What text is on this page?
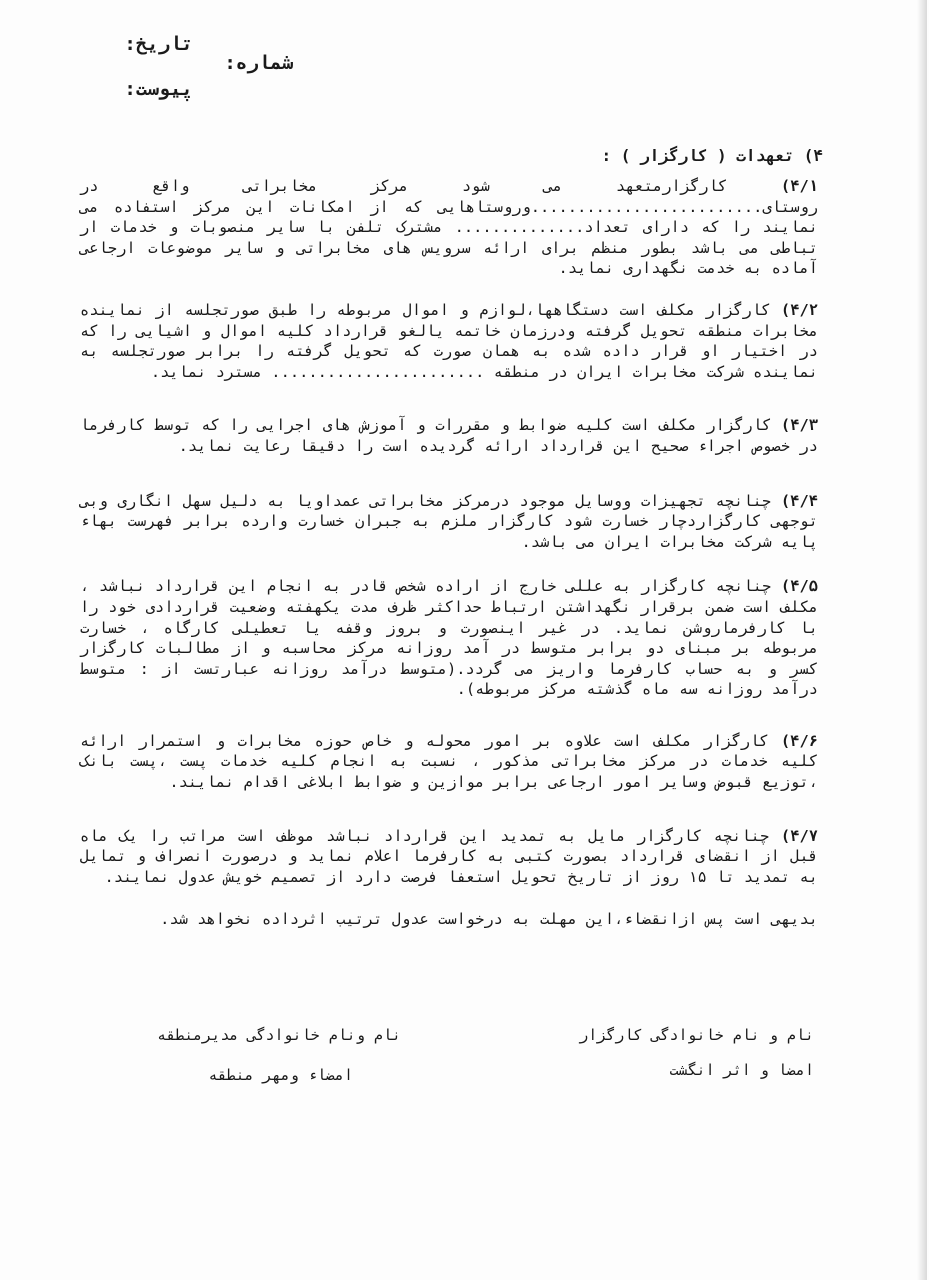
تاریخ:
شماره:
پیوست:
۴) تعهدات ( کارگزار ) :

۴/۱) کارگزارمتعهد می شود مرکز مخابراتی واقع در روستای.........................وروستاهایی که از امکانات این مرکز استفاده می نمایند را که دارای تعداد.............. مشترک تلفن با سایر منصوبات و خدمات ار تباطی می باشد بطور منظم برای ارائه سرویس های مخابراتی و سایر موضوعات ارجاعی آماده به خدمت نگهداری نماید.

۴/۲) کارگزار مکلف است دستگاهها،لوازم و اموال مربوطه را طبق صورتجلسه از نماینده مخابرات منطقه تحویل گرفته ودرزمان خاتمه یالغو قرارداد کلیه اموال و اشیایی را که در اختیار او قرار داده شده به همان صورت که تحویل گرفته را برابر صورتجلسه به نماینده شرکت مخابرات ایران در منطقه ....................... مسترد نماید.

۴/۳) کارگزار مکلف است کلیه ضوابط و مقررات و آموزش های اجرایی را که توسط کارفرما در خصوص اجراء صحیح این قرارداد ارائه گردیده است را دقیقا رعایت نماید.

۴/۴) چنانچه تجهیزات ووسایل موجود درمرکز مخابراتی عمداویا به دلیل سهل انگاری وبی توجهی کارگزاردچار خسارت شود کارگزار ملزم به جبران خسارت وارده برابر فهرست بهاء پایه شرکت مخابرات ایران می باشد.

۴/۵) چنانچه کارگزار به عللی خارج از اراده شخص قادر به انجام این قرارداد نباشد ، مکلف است ضمن برقرار نگهداشتن ارتباط حداکثر ظرف مدت یکهفته وضعیت قراردادی خود را با کارفرماروشن نماید. در غیر اینصورت و بروز وقفه یا تعطیلی کارگاه ، خسارت مربوطه بر مبنای دو برابر متوسط در آمد روزانه مرکز محاسبه و از مطالبات کارگزار کسر و به حساب کارفرما واریز می گردد.(متوسط درآمد روزانه عبارتست از : متوسط درآمد روزانه سه ماه گذشته مرکز مربوطه).

۴/۶) کارگزار مکلف است علاوه بر امور محوله و خاص حوزه مخابرات و استمرار ارائه کلیه خدمات در مرکز مخابراتی مذکور ، نسبت به انجام کلیه خدمات پست ،پست بانک ،توزیع قبوض وسایر امور ارجاعی برابر موازین و ضوابط ابلاغی اقدام نمایند.

۴/۷) چنانچه کارگزار مایل به تمدید این قرارداد نباشد موظف است مراتب را یک ماه قبل از انقضای قرارداد بصورت کتبی به کارفرما اعلام نماید و درصورت انصراف و تمایل به تمدید تا ۱۵ روز از تاریخ تحویل استعفا فرصت دارد از تصمیم خویش عدول نمایند.

بدیهی است پس ازانقضاء،این مهلت به درخواست عدول ترتیب اثرداده نخواهد شد.

نام و نام خانوادگی کارگزار
امضا و اثر انگشت
نام ونام خانوادگی مدیرمنطقه
امضاء ومهر منطقه
